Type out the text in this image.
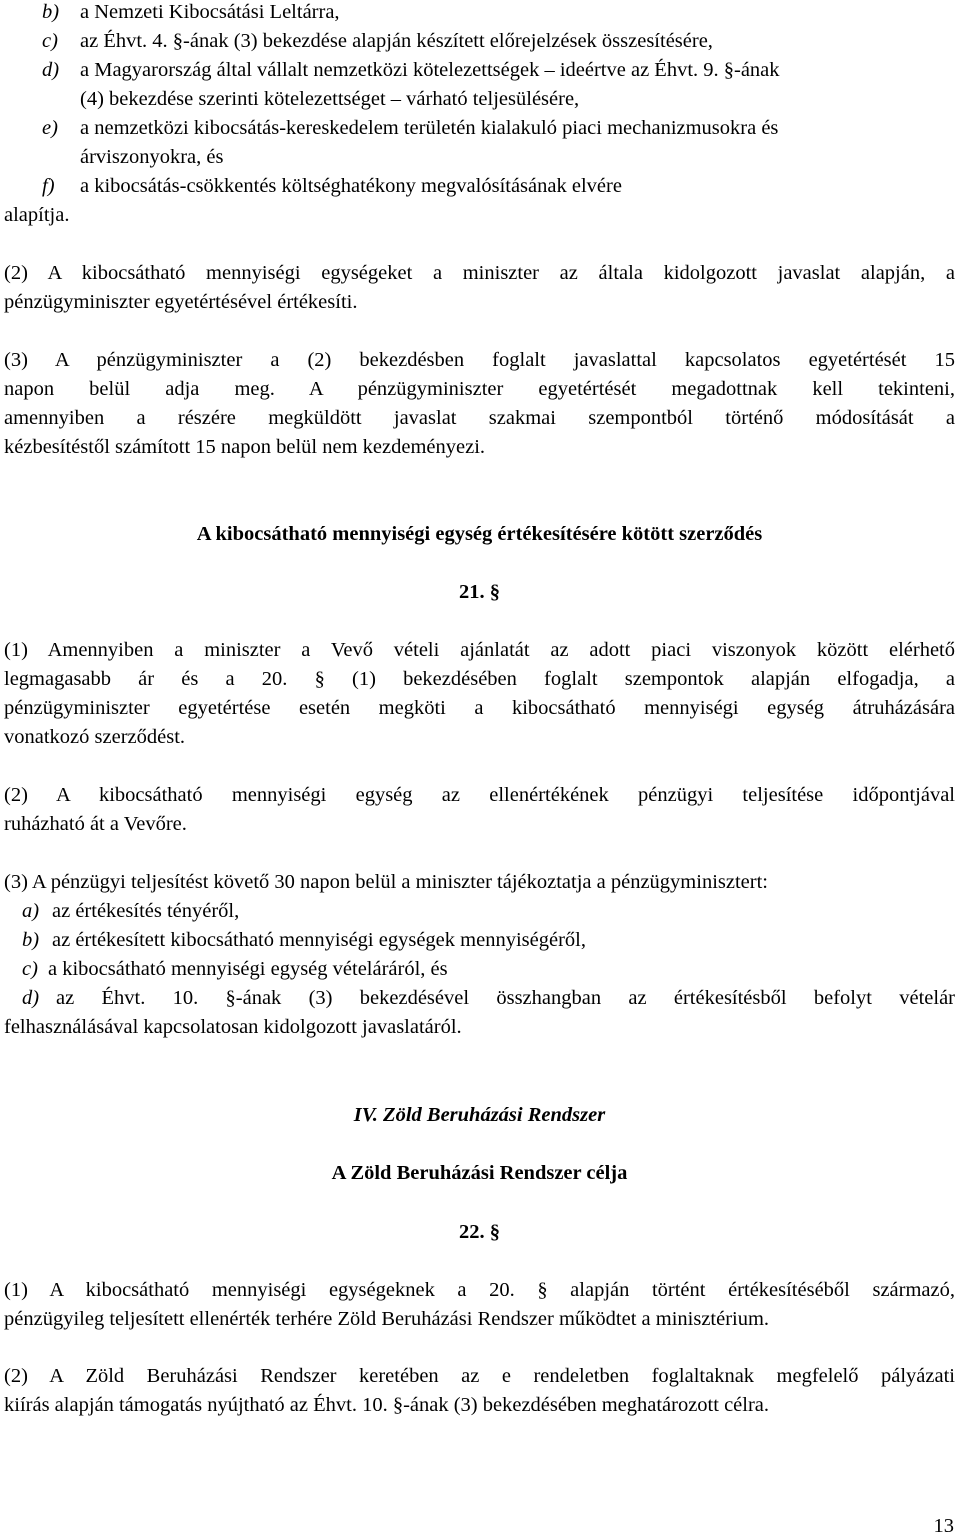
b) a Nemzeti Kibocsátási Leltárra,
c) az Éhvt. 4. §-ának (3) bekezdése alapján készített előrejelzések összesítésére,
d) a Magyarország által vállalt nemzetközi kötelezettségek – ideértve az Éhvt. 9. §-ának
(4) bekezdése szerinti kötelezettséget – várható teljesülésére,
e) a nemzetközi kibocsátás-kereskedelem területén kialakuló piaci mechanizmusokra és
árviszonyokra, és
f) a kibocsátás-csökkentés költséghatékony megvalósításának elvére
alapítja.
(2) A kibocsátható mennyiségi egységeket a miniszter az általa kidolgozott javaslat alapján, a
pénzügyminiszter egyetértésével értékesíti.
(3) A pénzügyminiszter a (2) bekezdésben foglalt javaslattal kapcsolatos egyetértését 15
napon belül adja meg. A pénzügyminiszter egyetértését megadottnak kell tekinteni,
amennyiben a részére megküldött javaslat szakmai szempontból történő módosítását a
kézbesítéstől számított 15 napon belül nem kezdeményezi.
A kibocsátható mennyiségi egység értékesítésére kötött szerződés
21. §
(1) Amennyiben a miniszter a Vevő vételi ajánlatát az adott piaci viszonyok között elérhető
legmagasabb ár és a 20. § (1) bekezdésében foglalt szempontok alapján elfogadja, a
pénzügyminiszter egyetértése esetén megköti a kibocsátható mennyiségi egység átruházására
vonatkozó szerződést.
(2) A kibocsátható mennyiségi egység az ellenértékének pénzügyi teljesítése időpontjával
ruházható át a Vevőre.
(3) A pénzügyi teljesítést követő 30 napon belül a miniszter tájékoztatja a pénzügyminisztert:
a) az értékesítés tényéről,
b) az értékesített kibocsátható mennyiségi egységek mennyiségéről,
c) a kibocsátható mennyiségi egység vételáráról, és
d) az Éhvt. 10. §-ának (3) bekezdésével összhangban az értékesítésből befolyt vételár
felhasználásával kapcsolatosan kidolgozott javaslatáról.
IV. Zöld Beruházási Rendszer
A Zöld Beruházási Rendszer célja
22. §
(1) A kibocsátható mennyiségi egységeknek a 20. § alapján történt értékesítéséből származó,
pénzügyileg teljesített ellenérték terhére Zöld Beruházási Rendszer működtet a minisztérium.
(2) A Zöld Beruházási Rendszer keretében az e rendeletben foglaltaknak megfelelő pályázati
kiírás alapján támogatás nyújtható az Éhvt. 10. §-ának (3) bekezdésében meghatározott célra.
13
